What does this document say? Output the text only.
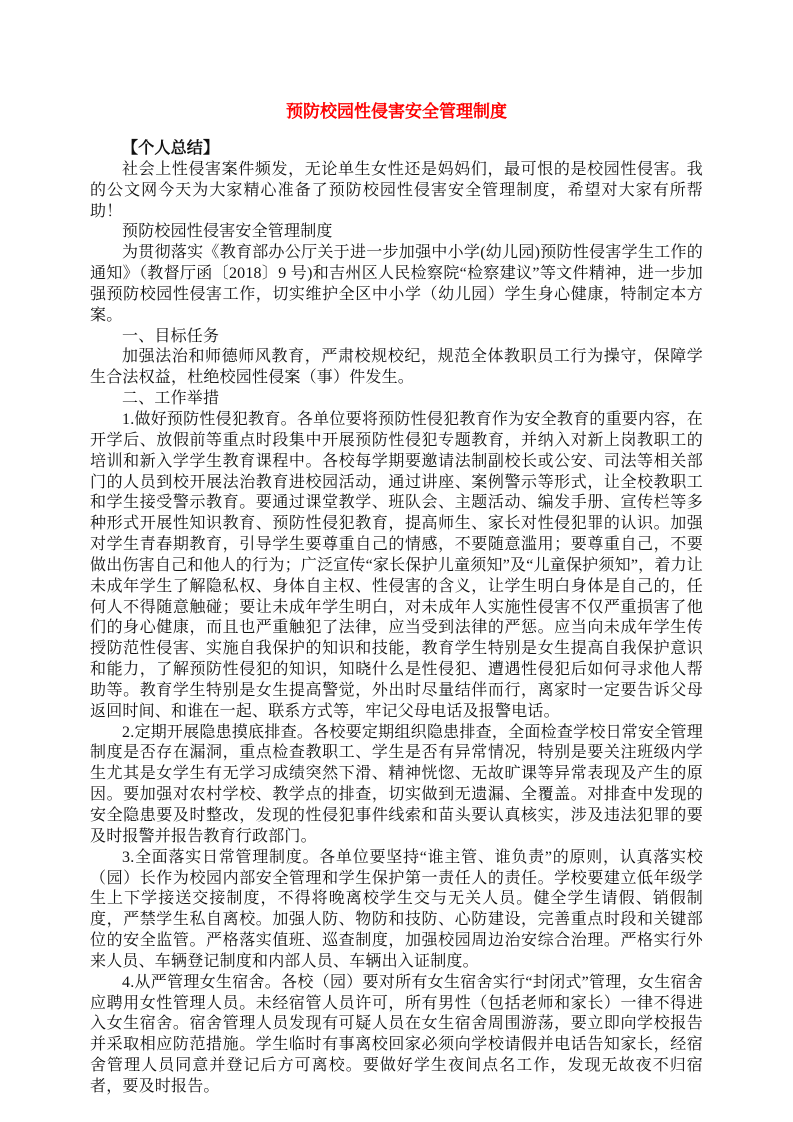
预防校园性侵害安全管理制度

【个人总结】

社会上性侵害案件频发，无论单生女性还是妈妈们，最可恨的是校园性侵害。我的公文网今天为大家精心准备了预防校园性侵害安全管理制度，希望对大家有所帮助！

预防校园性侵害安全管理制度

为贯彻落实《教育部办公厅关于进一步加强中小学(幼儿园)预防性侵害学生工作的通知》（教督厅函〔2018〕9 号)和吉州区人民检察院“检察建议”等文件精神，进一步加强预防校园性侵害工作，切实维护全区中小学（幼儿园）学生身心健康，特制定本方案。

一、目标任务

加强法治和师德师风教育，严肃校规校纪，规范全体教职员工行为操守，保障学生合法权益，杜绝校园性侵案（事）件发生。

二、工作举措

1.做好预防性侵犯教育。各单位要将预防性侵犯教育作为安全教育的重要内容，在开学后、放假前等重点时段集中开展预防性侵犯专题教育，并纳入对新上岗教职工的培训和新入学学生教育课程中。各校每学期要邀请法制副校长或公安、司法等相关部门的人员到校开展法治教育进校园活动，通过讲座、案例警示等形式，让全校教职工和学生接受警示教育。要通过课堂教学、班队会、主题活动、编发手册、宣传栏等多种形式开展性知识教育、预防性侵犯教育，提高师生、家长对性侵犯罪的认识。加强对学生青春期教育，引导学生要尊重自己的情感，不要随意滥用；要尊重自己，不要做出伤害自己和他人的行为；广泛宣传“家长保护儿童须知”及“儿童保护须知”，着力让未成年学生了解隐私权、身体自主权、性侵害的含义，让学生明白身体是自己的，任何人不得随意触碰；要让未成年学生明白，对未成年人实施性侵害不仅严重损害了他们的身心健康，而且也严重触犯了法律，应当受到法律的严惩。应当向未成年学生传授防范性侵害、实施自我保护的知识和技能，教育学生特别是女生提高自我保护意识和能力，了解预防性侵犯的知识，知晓什么是性侵犯、遭遇性侵犯后如何寻求他人帮助等。教育学生特别是女生提高警觉，外出时尽量结伴而行，离家时一定要告诉父母返回时间、和谁在一起、联系方式等，牢记父母电话及报警电话。

2.定期开展隐患摸底排查。各校要定期组织隐患排查，全面检查学校日常安全管理制度是否存在漏洞，重点检查教职工、学生是否有异常情况，特别是要关注班级内学生尤其是女学生有无学习成绩突然下滑、精神恍惚、无故旷课等异常表现及产生的原因。要加强对农村学校、教学点的排查，切实做到无遗漏、全覆盖。对排查中发现的安全隐患要及时整改，发现的性侵犯事件线索和苗头要认真核实，涉及违法犯罪的要及时报警并报告教育行政部门。

3.全面落实日常管理制度。各单位要坚持“谁主管、谁负责”的原则，认真落实校（园）长作为校园内部安全管理和学生保护第一责任人的责任。学校要建立低年级学生上下学接送交接制度，不得将晚离校学生交与无关人员。健全学生请假、销假制度，严禁学生私自离校。加强人防、物防和技防、心防建设，完善重点时段和关键部位的安全监管。严格落实值班、巡查制度，加强校园周边治安综合治理。严格实行外来人员、车辆登记制度和内部人员、车辆出入证制度。

4.从严管理女生宿舍。各校（园）要对所有女生宿舍实行“封闭式”管理，女生宿舍应聘用女性管理人员。未经宿管人员许可，所有男性（包括老师和家长）一律不得进入女生宿舍。宿舍管理人员发现有可疑人员在女生宿舍周围游荡，要立即向学校报告并采取相应防范措施。学生临时有事离校回家必须向学校请假并电话告知家长，经宿舍管理人员同意并登记后方可离校。要做好学生夜间点名工作，发现无故夜不归宿者，要及时报告。
